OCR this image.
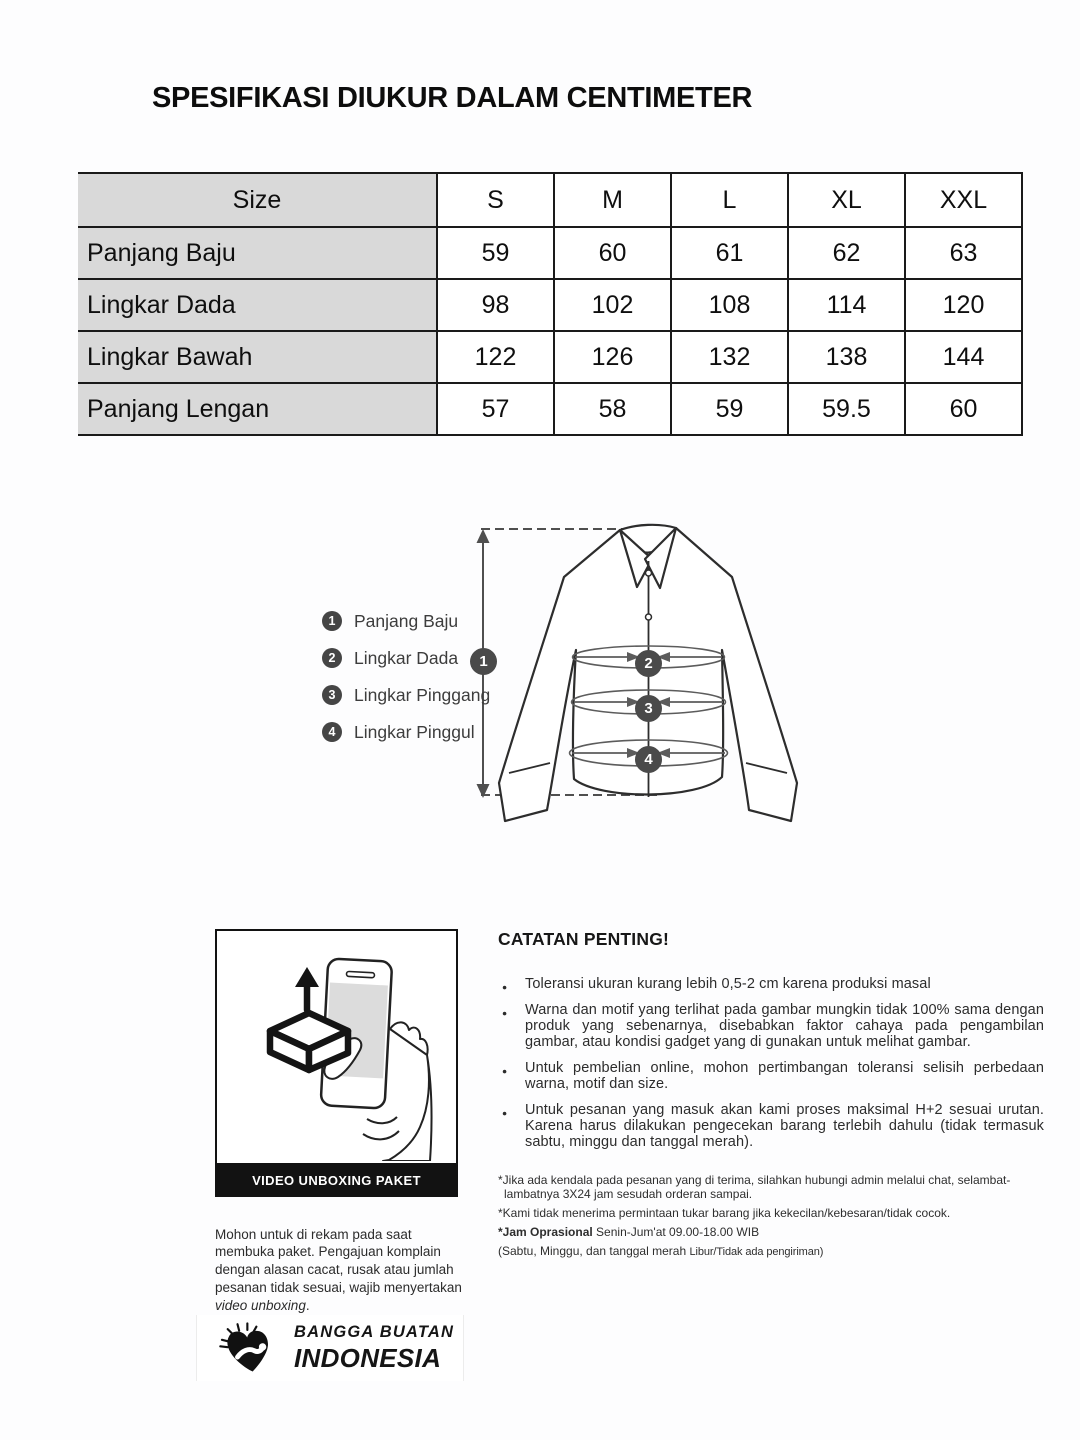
SPESIFIKASI DIUKUR DALAM CENTIMETER
Size	S	M	L	XL	XXL
Panjang Baju	59	60	61	62	63
Lingkar Dada	98	102	108	114	120
Lingkar Bawah	122	126	132	138	144
Panjang Lengan	57	58	59	59.5	60
1	2
3
4
1	Panjang Baju
2	Lingkar Dada
3	Lingkar Pinggang
4	Lingkar Pinggul
VIDEO UNBOXING PAKET

Mohon untuk di rekam pada saat membuka paket. Pengajuan komplain dengan alasan cacat, rusak atau jumlah pesanan tidak sesuai, wajib menyertakan video unboxing.

CATATAN PENTING!
● Toleransi ukuran kurang lebih 0,5-2 cm karena produksi masal
● Warna dan motif yang terlihat pada gambar mungkin tidak 100% sama dengan produk yang sebenarnya, disebabkan faktor cahaya pada pengambilan gambar, atau kondisi gadget yang di gunakan untuk melihat gambar.
● Untuk pembelian online, mohon pertimbangan toleransi selisih perbedaan warna, motif dan size.
● Untuk pesanan yang masuk akan kami proses maksimal H+2 sesuai urutan. Karena harus dilakukan pengecekan barang terlebih dahulu (tidak termasuk sabtu, minggu dan tanggal merah).

*Jika ada kendala pada pesanan yang di terima, silahkan hubungi admin melalui chat, selambat-lambatnya 3X24 jam sesudah orderan sampai.

*Kami tidak menerima permintaan tukar barang jika kekecilan/kebesaran/tidak cocok.

*Jam Oprasional Senin-Jum'at 09.00-18.00 WIB

(Sabtu, Minggu, dan tanggal merah Libur/Tidak ada pengiriman)

BANGGA BUATAN
INDONESIA
